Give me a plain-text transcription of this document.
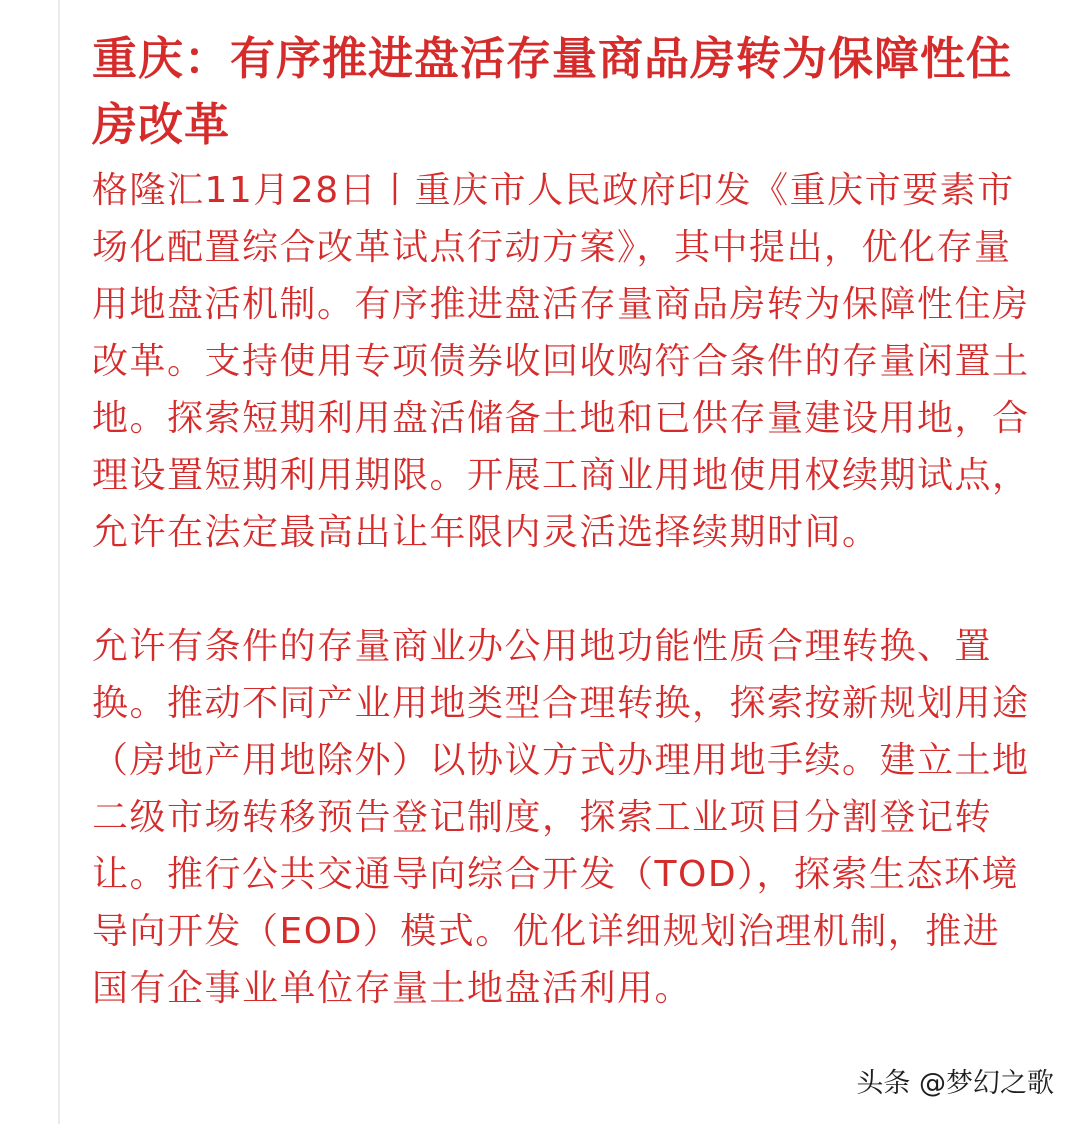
重庆：有序推进盘活存量商品房转为保障性住房改革

格隆汇11月28日丨重庆市人民政府印发《重庆市要素市场化配置综合改革试点行动方案》，其中提出，优化存量用地盘活机制。有序推进盘活存量商品房转为保障性住房改革。支持使用专项债券收回收购符合条件的存量闲置土地。探索短期利用盘活储备土地和已供存量建设用地，合理设置短期利用期限。开展工商业用地使用权续期试点，允许在法定最高出让年限内灵活选择续期时间。

允许有条件的存量商业办公用地功能性质合理转换、置换。推动不同产业用地类型合理转换，探索按新规划用途（房地产用地除外）以协议方式办理用地手续。建立土地二级市场转移预告登记制度，探索工业项目分割登记转让。推行公共交通导向综合开发（TOD），探索生态环境导向开发（EOD）模式。优化详细规划治理机制，推进国有企事业单位存量土地盘活利用。

头条 @梦幻之歌
